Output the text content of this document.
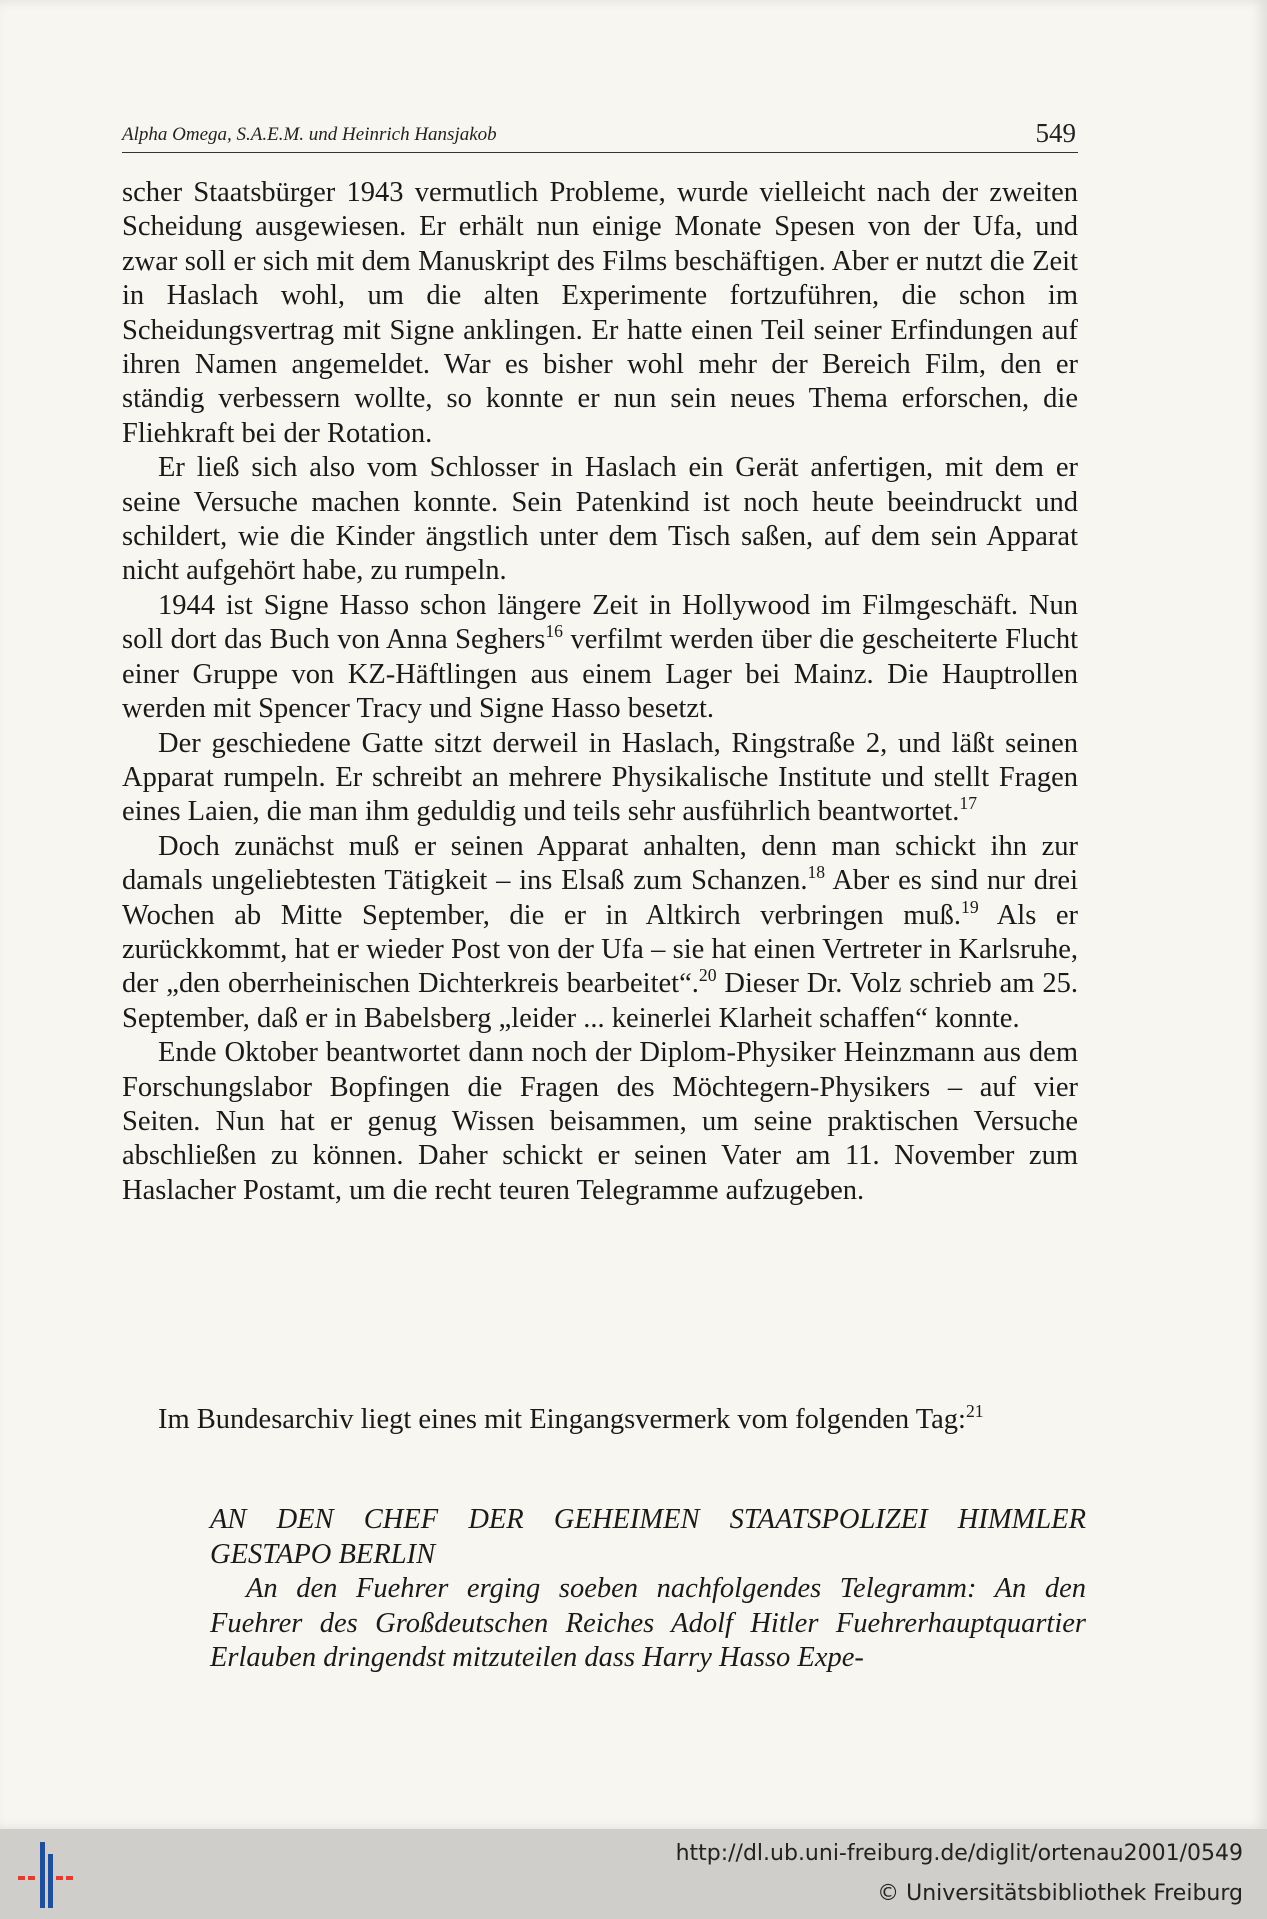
Alpha Omega, S.A.E.M. und Heinrich Hansjakob	549

scher Staatsbürger 1943 vermutlich Probleme, wurde vielleicht nach der zweiten Scheidung ausgewiesen. Er erhält nun einige Monate Spesen von der Ufa, und zwar soll er sich mit dem Manuskript des Films beschäftigen. Aber er nutzt die Zeit in Haslach wohl, um die alten Experimente fortzuführen, die schon im Scheidungsvertrag mit Signe anklingen. Er hatte einen Teil seiner Erfindungen auf ihren Namen angemeldet. War es bisher wohl mehr der Bereich Film, den er ständig verbessern wollte, so konnte er nun sein neues Thema erforschen, die Fliehkraft bei der Rotation.

Er ließ sich also vom Schlosser in Haslach ein Gerät anfertigen, mit dem er seine Versuche machen konnte. Sein Patenkind ist noch heute beeindruckt und schildert, wie die Kinder ängstlich unter dem Tisch saßen, auf dem sein Apparat nicht aufgehört habe, zu rumpeln.

1944 ist Signe Hasso schon längere Zeit in Hollywood im Filmgeschäft. Nun soll dort das Buch von Anna Seghers$^{16}$ verfilmt werden über die gescheiterte Flucht einer Gruppe von KZ-Häftlingen aus einem Lager bei Mainz. Die Hauptrollen werden mit Spencer Tracy und Signe Hasso besetzt.

Der geschiedene Gatte sitzt derweil in Haslach, Ringstraße 2, und läßt seinen Apparat rumpeln. Er schreibt an mehrere Physikalische Institute und stellt Fragen eines Laien, die man ihm geduldig und teils sehr ausführlich beantwortet.$^{17}$

Doch zunächst muß er seinen Apparat anhalten, denn man schickt ihn zur damals ungeliebtesten Tätigkeit – ins Elsaß zum Schanzen.$^{18}$ Aber es sind nur drei Wochen ab Mitte September, die er in Altkirch verbringen muß.$^{19}$ Als er zurückkommt, hat er wieder Post von der Ufa – sie hat einen Vertreter in Karlsruhe, der „den oberrheinischen Dichterkreis bearbeitet“.$^{20}$ Dieser Dr. Volz schrieb am 25. September, daß er in Babelsberg „leider ... keinerlei Klarheit schaffen“ konnte.

Ende Oktober beantwortet dann noch der Diplom-Physiker Heinzmann aus dem Forschungslabor Bopfingen die Fragen des Möchtegern-Physikers – auf vier Seiten. Nun hat er genug Wissen beisammen, um seine praktischen Versuche abschließen zu können. Daher schickt er seinen Vater am 11. November zum Haslacher Postamt, um die recht teuren Telegramme aufzugeben.

Im Bundesarchiv liegt eines mit Eingangsvermerk vom folgenden Tag:$^{21}$
AN DEN CHEF DER GEHEIMEN STAATSPOLIZEI HIMMLER
GESTAPO BERLIN
An den Fuehrer erging soeben nachfolgendes Telegramm: An den Fuehrer des Großdeutschen Reiches Adolf Hitler Fuehrerhauptquartier Erlauben dringendst mitzuteilen dass Harry Hasso Expe-
http://dl.ub.uni-freiburg.de/diglit/ortenau2001/0549
© Universitätsbibliothek Freiburg
